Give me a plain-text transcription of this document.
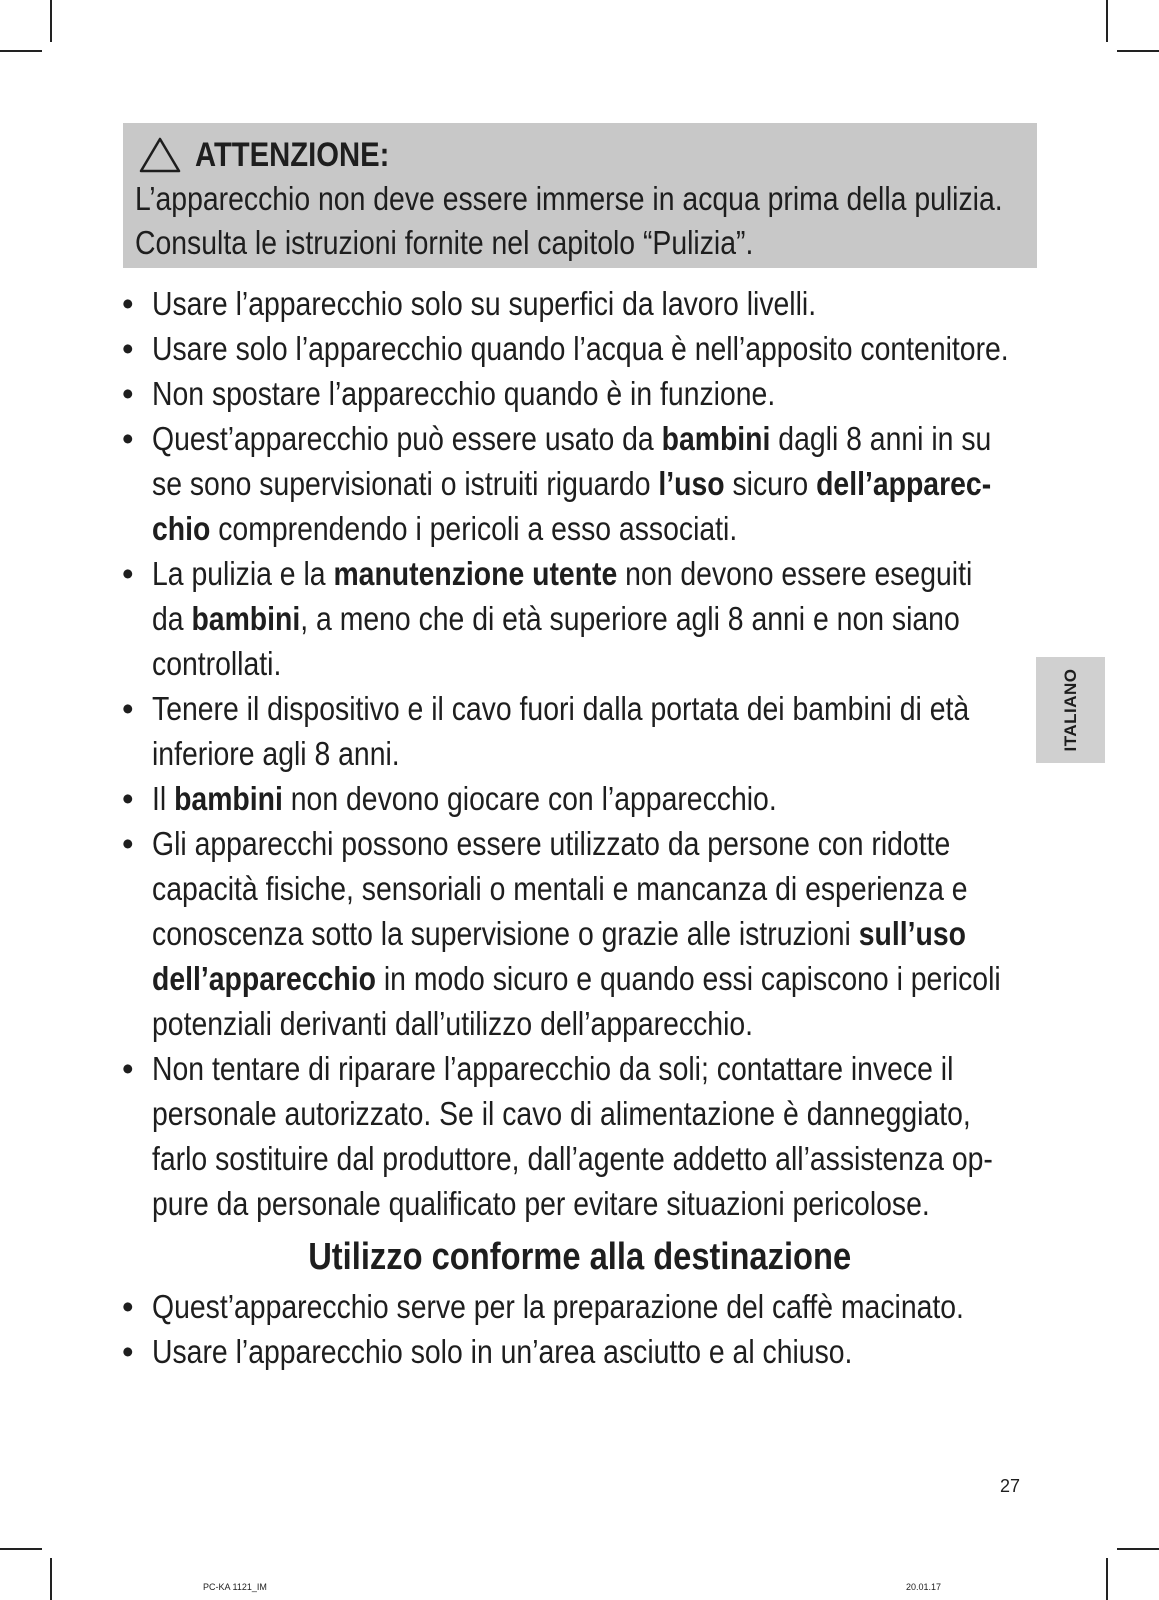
ATTENZIONE:
L’apparecchio non deve essere immerse in acqua prima della pulizia.
Consulta le istruzioni fornite nel capitolo “Pulizia”.
• Usare l’apparecchio solo su superfici da lavoro livelli.
• Usare solo l’apparecchio quando l’acqua è nell’apposito contenitore.
• Non spostare l’apparecchio quando è in funzione.
• Quest’apparecchio può essere usato da bambini dagli 8 anni in su
se sono supervisionati o istruiti riguardo l’uso sicuro dell’apparec-
chio comprendendo i pericoli a esso associati.
• La pulizia e la manutenzione utente non devono essere eseguiti
da bambini, a meno che di età superiore agli 8 anni e non siano
controllati.
• Tenere il dispositivo e il cavo fuori dalla portata dei bambini di età
inferiore agli 8 anni.
• Il bambini non devono giocare con l’apparecchio.
• Gli apparecchi possono essere utilizzato da persone con ridotte
capacità fisiche, sensoriali o mentali e mancanza di esperienza e
conoscenza sotto la supervisione o grazie alle istruzioni sull’uso
dell’apparecchio in modo sicuro e quando essi capiscono i pericoli
potenziali derivanti dall’utilizzo dell’apparecchio.
• Non tentare di riparare l’apparecchio da soli; contattare invece il
personale autorizzato. Se il cavo di alimentazione è danneggiato,
farlo sostituire dal produttore, dall’agente addetto all’assistenza op-
pure da personale qualificato per evitare situazioni pericolose.
Utilizzo conforme alla destinazione
• Quest’apparecchio serve per la preparazione del caffè macinato.
• Usare l’apparecchio solo in un’area asciutto e al chiuso.
ITALIANO
27
PC-KA 1121_IM	20.01.17
